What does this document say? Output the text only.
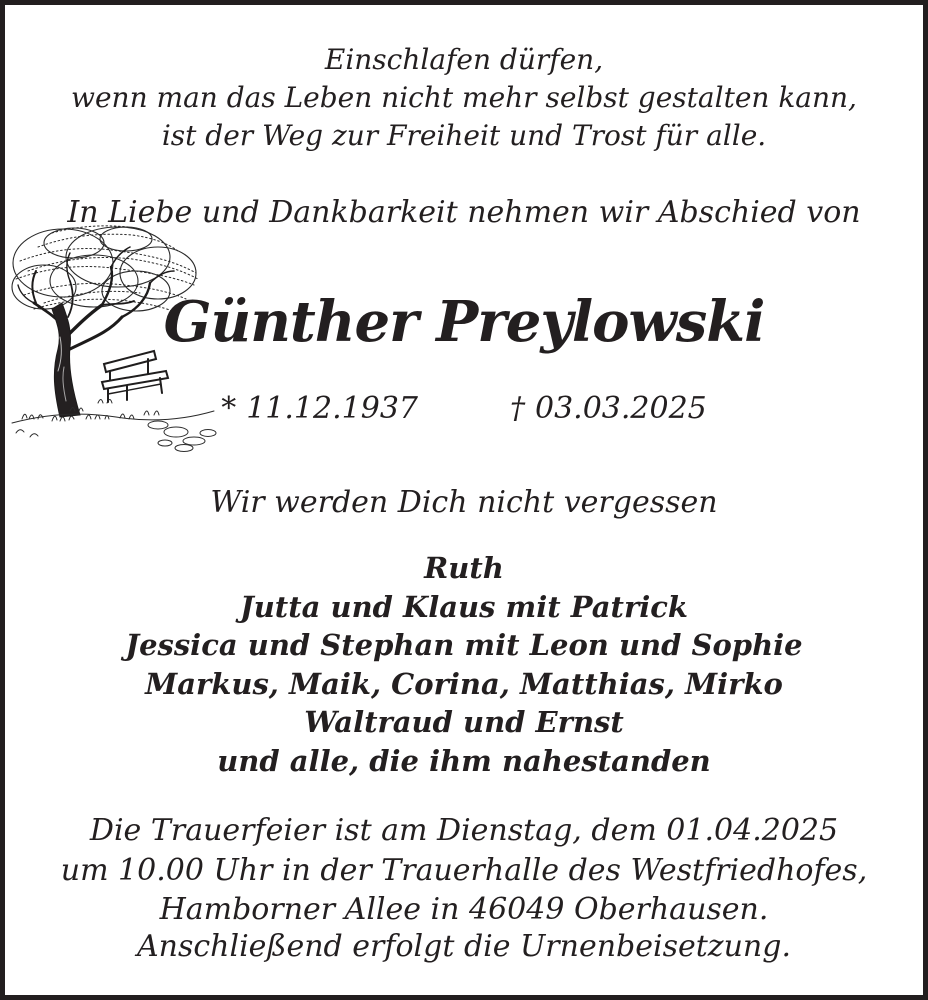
Einschlafen dürfen,
wenn man das Leben nicht mehr selbst gestalten kann,
ist der Weg zur Freiheit und Trost für alle.
In Liebe und Dankbarkeit nehmen wir Abschied von
Günther Preylowski
* 11.12.1937	† 03.03.2025
Wir werden Dich nicht vergessen
Ruth
Jutta und Klaus mit Patrick
Jessica und Stephan mit Leon und Sophie
Markus, Maik, Corina, Matthias, Mirko
Waltraud und Ernst
und alle, die ihm nahestanden
Die Trauerfeier ist am Dienstag, dem 01.04.2025
um 10.00 Uhr in der Trauerhalle des Westfriedhofes,
Hamborner Allee in 46049 Oberhausen.
Anschließend erfolgt die Urnenbeisetzung.
